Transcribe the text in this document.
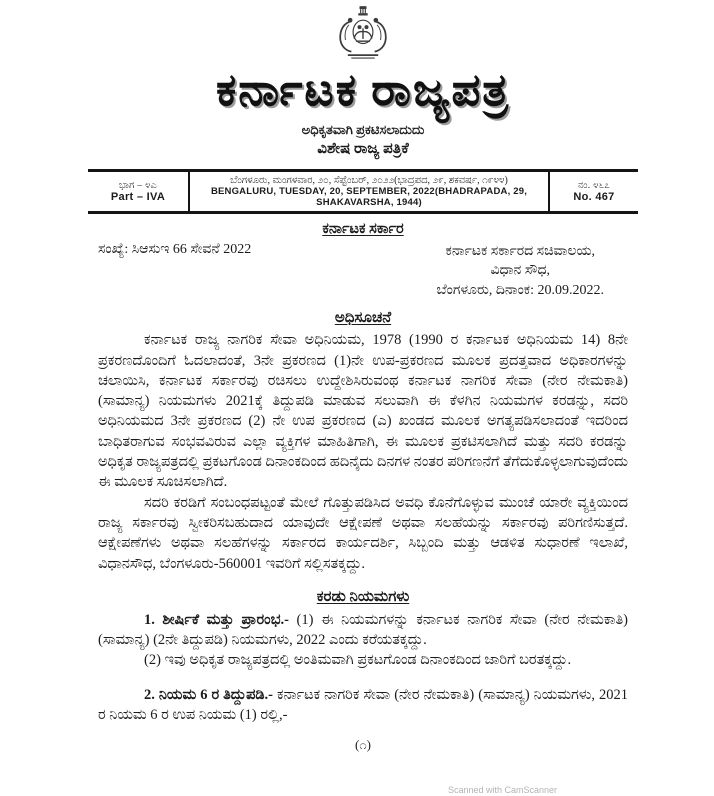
ಕರ್ನಾಟಕ ರಾಜ್ಯಪತ್ರ
ಅಧಿಕೃತವಾಗಿ ಪ್ರಕಟಿಸಲಾದುದು
ವಿಶೇಷ ರಾಜ್ಯ ಪತ್ರಿಕೆ
ಭಾಗ – ೪ಎ
Part – IVA
ಬೆಂಗಳೂರು, ಮಂಗಳವಾರ, ೨೦, ಸೆಪ್ಟೆಂಬರ್, ೨೦೨೨(ಭಾದ್ರಪದ, ೨೯, ಶಕವರ್ಷ, ೧೯೪೪)
BENGALURU, TUESDAY, 20, SEPTEMBER, 2022(BHADRAPADA, 29, SHAKAVARSHA, 1944)
ನಂ. ೪೬೭
No. 467
ಕರ್ನಾಟಕ ಸರ್ಕಾರ
ಸಂಖ್ಯೆ: ಸಿಆಸುಇ 66 ಸೇವನೆ 2022	ಕರ್ನಾಟಕ ಸರ್ಕಾರದ ಸಚಿವಾಲಯ,
ವಿಧಾನ ಸೌಧ,
ಬೆಂಗಳೂರು, ದಿನಾಂಕ: 20.09.2022.
ಅಧಿಸೂಚನೆ

ಕರ್ನಾಟಕ ರಾಜ್ಯ ನಾಗರಿಕ ಸೇವಾ ಅಧಿನಿಯಮ, 1978 (1990 ರ ಕರ್ನಾಟಕ ಅಧಿನಿಯಮ 14) 8ನೇ ಪ್ರಕರಣದೊಂದಿಗೆ ಓದಲಾದಂತೆ, 3ನೇ ಪ್ರಕರಣದ (1)ನೇ ಉಪ-ಪ್ರಕರಣದ ಮೂಲಕ ಪ್ರದತ್ತವಾದ ಅಧಿಕಾರಗಳನ್ನು ಚಲಾಯಿಸಿ, ಕರ್ನಾಟಕ ಸರ್ಕಾರವು ರಚಿಸಲು ಉದ್ದೇಶಿಸಿರುವಂಥ ಕರ್ನಾಟಕ ನಾಗರಿಕ ಸೇವಾ (ನೇರ ನೇಮಕಾತಿ) (ಸಾಮಾನ್ಯ) ನಿಯಮಗಳು 2021ಕ್ಕೆ ತಿದ್ದುಪಡಿ ಮಾಡುವ ಸಲುವಾಗಿ ಈ ಕೆಳಗಿನ ನಿಯಮಗಳ ಕರಡನ್ನು, ಸದರಿ ಅಧಿನಿಯಮದ 3ನೇ ಪ್ರಕರಣದ (2) ನೇ ಉಪ ಪ್ರಕರಣದ (ಎ) ಖಂಡದ ಮೂಲಕ ಅಗತ್ಯಪಡಿಸಲಾದಂತೆ ಇದರಿಂದ ಬಾಧಿತರಾಗುವ ಸಂಭವವಿರುವ ಎಲ್ಲಾ ವ್ಯಕ್ತಿಗಳ ಮಾಹಿತಿಗಾಗಿ, ಈ ಮೂಲಕ ಪ್ರಕಟಿಸಲಾಗಿದೆ ಮತ್ತು ಸದರಿ ಕರಡನ್ನು ಅಧಿಕೃತ ರಾಜ್ಯಪತ್ರದಲ್ಲಿ ಪ್ರಕಟಗೊಂಡ ದಿನಾಂಕದಿಂದ ಹದಿನೈದು ದಿನಗಳ ನಂತರ ಪರಿಗಣನೆಗೆ ತೆಗೆದುಕೊಳ್ಳಲಾಗುವುದೆಂದು ಈ ಮೂಲಕ ಸೂಚಿಸಲಾಗಿದೆ.

ಸದರಿ ಕರಡಿಗೆ ಸಂಬಂಧಪಟ್ಟಂತೆ ಮೇಲೆ ಗೊತ್ತುಪಡಿಸಿದ ಅವಧಿ ಕೊನೆಗೊಳ್ಳುವ ಮುಂಚೆ ಯಾರೇ ವ್ಯಕ್ತಿಯಿಂದ ರಾಜ್ಯ ಸರ್ಕಾರವು ಸ್ವೀಕರಿಸಬಹುದಾದ ಯಾವುದೇ ಆಕ್ಷೇಪಣೆ ಅಥವಾ ಸಲಹೆಯನ್ನು ಸರ್ಕಾರವು ಪರಿಗಣಿಸುತ್ತದೆ. ಆಕ್ಷೇಪಣೆಗಳು ಅಥವಾ ಸಲಹೆಗಳನ್ನು ಸರ್ಕಾರದ ಕಾರ್ಯದರ್ಶಿ, ಸಿಬ್ಬಂದಿ ಮತ್ತು ಆಡಳಿತ ಸುಧಾರಣೆ ಇಲಾಖೆ, ವಿಧಾನಸೌಧ, ಬೆಂಗಳೂರು-560001 ಇವರಿಗೆ ಸಲ್ಲಿಸತಕ್ಕದ್ದು.

ಕರಡು ನಿಯಮಗಳು

1. ಶೀರ್ಷಿಕೆ ಮತ್ತು ಪ್ರಾರಂಭ.- (1) ಈ ನಿಯಮಗಳನ್ನು ಕರ್ನಾಟಕ ನಾಗರಿಕ ಸೇವಾ (ನೇರ ನೇಮಕಾತಿ) (ಸಾಮಾನ್ಯ) (2ನೇ ತಿದ್ದುಪಡಿ) ನಿಯಮಗಳು, 2022 ಎಂದು ಕರೆಯತಕ್ಕದ್ದು.

(2) ಇವು ಅಧಿಕೃತ ರಾಜ್ಯಪತ್ರದಲ್ಲಿ ಅಂತಿಮವಾಗಿ ಪ್ರಕಟಗೊಂಡ ದಿನಾಂಕದಿಂದ ಜಾರಿಗೆ ಬರತಕ್ಕದ್ದು.

2. ನಿಯಮ 6 ರ ತಿದ್ದುಪಡಿ.- ಕರ್ನಾಟಕ ನಾಗರಿಕ ಸೇವಾ (ನೇರ ನೇಮಕಾತಿ) (ಸಾಮಾನ್ಯ) ನಿಯಮಗಳು, 2021 ರ ನಿಯಮ 6 ರ ಉಪ ನಿಯಮ (1) ರಲ್ಲಿ,-

(೧)
Scanned with CamScanner
